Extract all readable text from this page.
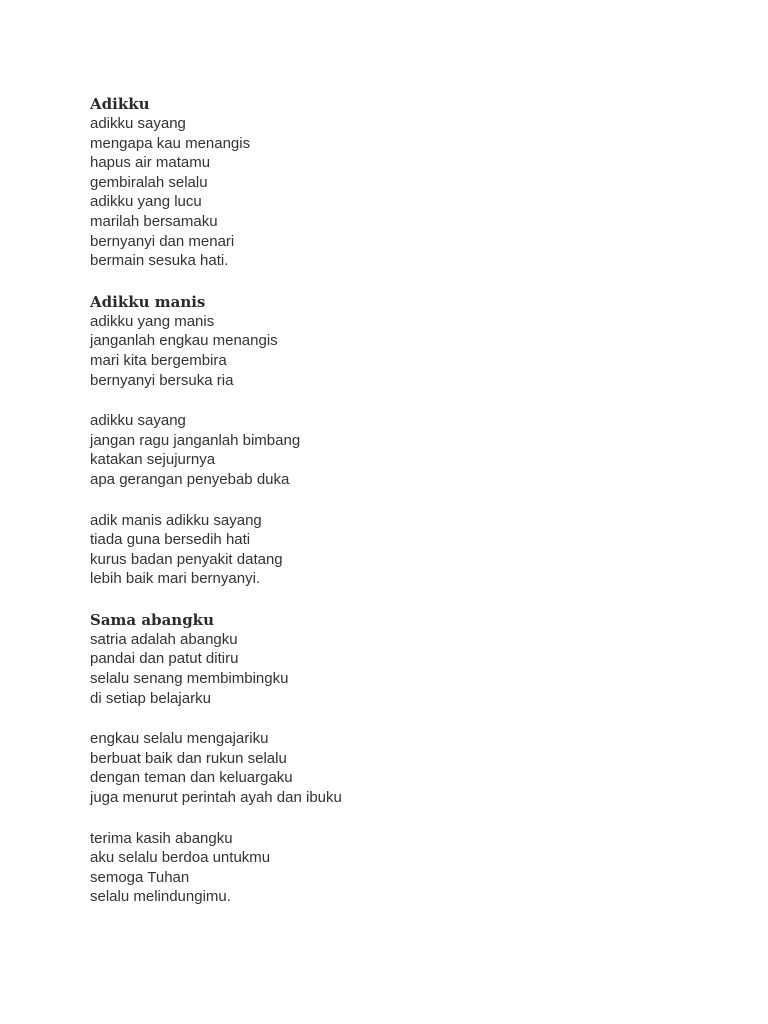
Adikku
adikku sayang
mengapa kau menangis
hapus air matamu
gembiralah selalu
adikku yang lucu
marilah bersamaku
bernyanyi dan menari
bermain sesuka hati.
Adikku manis
adikku yang manis
janganlah engkau menangis
mari kita bergembira
bernyanyi bersuka ria
adikku sayang
jangan ragu janganlah bimbang
katakan sejujurnya
apa gerangan penyebab duka
adik manis adikku sayang
tiada guna bersedih hati
kurus badan penyakit datang
lebih baik mari bernyanyi.
Sama abangku
satria adalah abangku
pandai dan patut ditiru
selalu senang membimbingku
di setiap belajarku
engkau selalu mengajariku
berbuat baik dan rukun selalu
dengan teman dan keluargaku
juga menurut perintah ayah dan ibuku
terima kasih abangku
aku selalu berdoa untukmu
semoga Tuhan
selalu melindungimu.
